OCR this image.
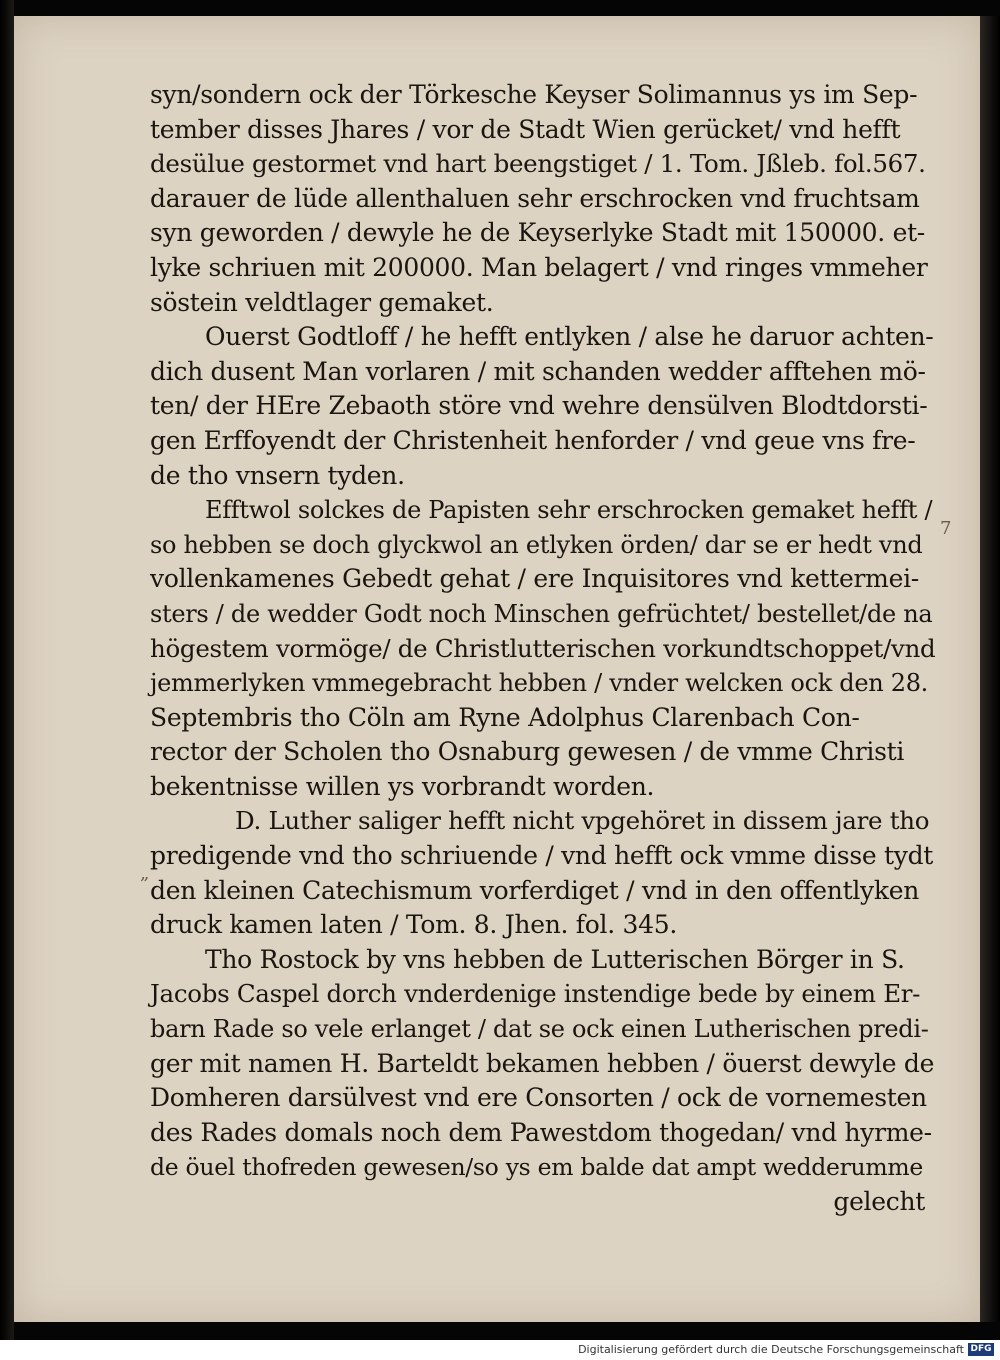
syn/sondern ock der Törkesche Keyser Solimannus ys im Sep-
tember disses Jhares / vor de Stadt Wien gerücket/ vnd hefft
desülue gestormet vnd hart beengstiget / 1. Tom. Jßleb. fol.567.
darauer de lüde allenthaluen sehr erschrocken vnd fruchtsam
syn geworden / dewyle he de Keyserlyke Stadt mit 150000. et-
lyke schriuen mit 200000. Man belagert / vnd ringes vmmeher
söstein veldtlager gemaket.
Ouerst Godtloff / he hefft entlyken / alse he daruor achten-
dich dusent Man vorlaren / mit schanden wedder afftehen mö-
ten/ der HEre Zebaoth störe vnd wehre densülven Blodtdorsti-
gen Erffoyendt der Christenheit henforder / vnd geue vns fre-
de tho vnsern tyden.
Efftwol solckes de Papisten sehr erschrocken gemaket hefft /
so hebben se doch glyckwol an etlyken örden/ dar se er hedt vnd
vollenkamenes Gebedt gehat / ere Inquisitores vnd kettermei-
sters / de wedder Godt noch Minschen gefrüchtet/ bestellet/de na
högestem vormöge/ de Christlutterischen vorkundtschoppet/vnd
jemmerlyken vmmegebracht hebben / vnder welcken ock den 28.
Septembris tho Cöln am Ryne Adolphus Clarenbach Con-
rector der Scholen tho Osnaburg gewesen / de vmme Christi
bekentnisse willen ys vorbrandt worden.
D. Luther saliger hefft nicht vpgehöret in dissem jare tho
predigende vnd tho schriuende / vnd hefft ock vmme disse tydt
den kleinen Catechismum vorferdiget / vnd in den offentlyken
druck kamen laten / Tom. 8. Jhen. fol. 345.
Tho Rostock by vns hebben de Lutterischen Börger in S.
Jacobs Caspel dorch vnderdenige instendige bede by einem Er-
barn Rade so vele erlanget / dat se ock einen Lutherischen predi-
ger mit namen H. Barteldt bekamen hebben / öuerst dewyle de
Domheren darsülvest vnd ere Consorten / ock de vornemesten
des Rades domals noch dem Pawestdom thogedan/ vnd hyrme-
de öuel thofreden gewesen/so ys em balde dat ampt wedderumme
gelecht
7
„
Digitalisierung gefördert durch die Deutsche Forschungsgemeinschaft DFG
